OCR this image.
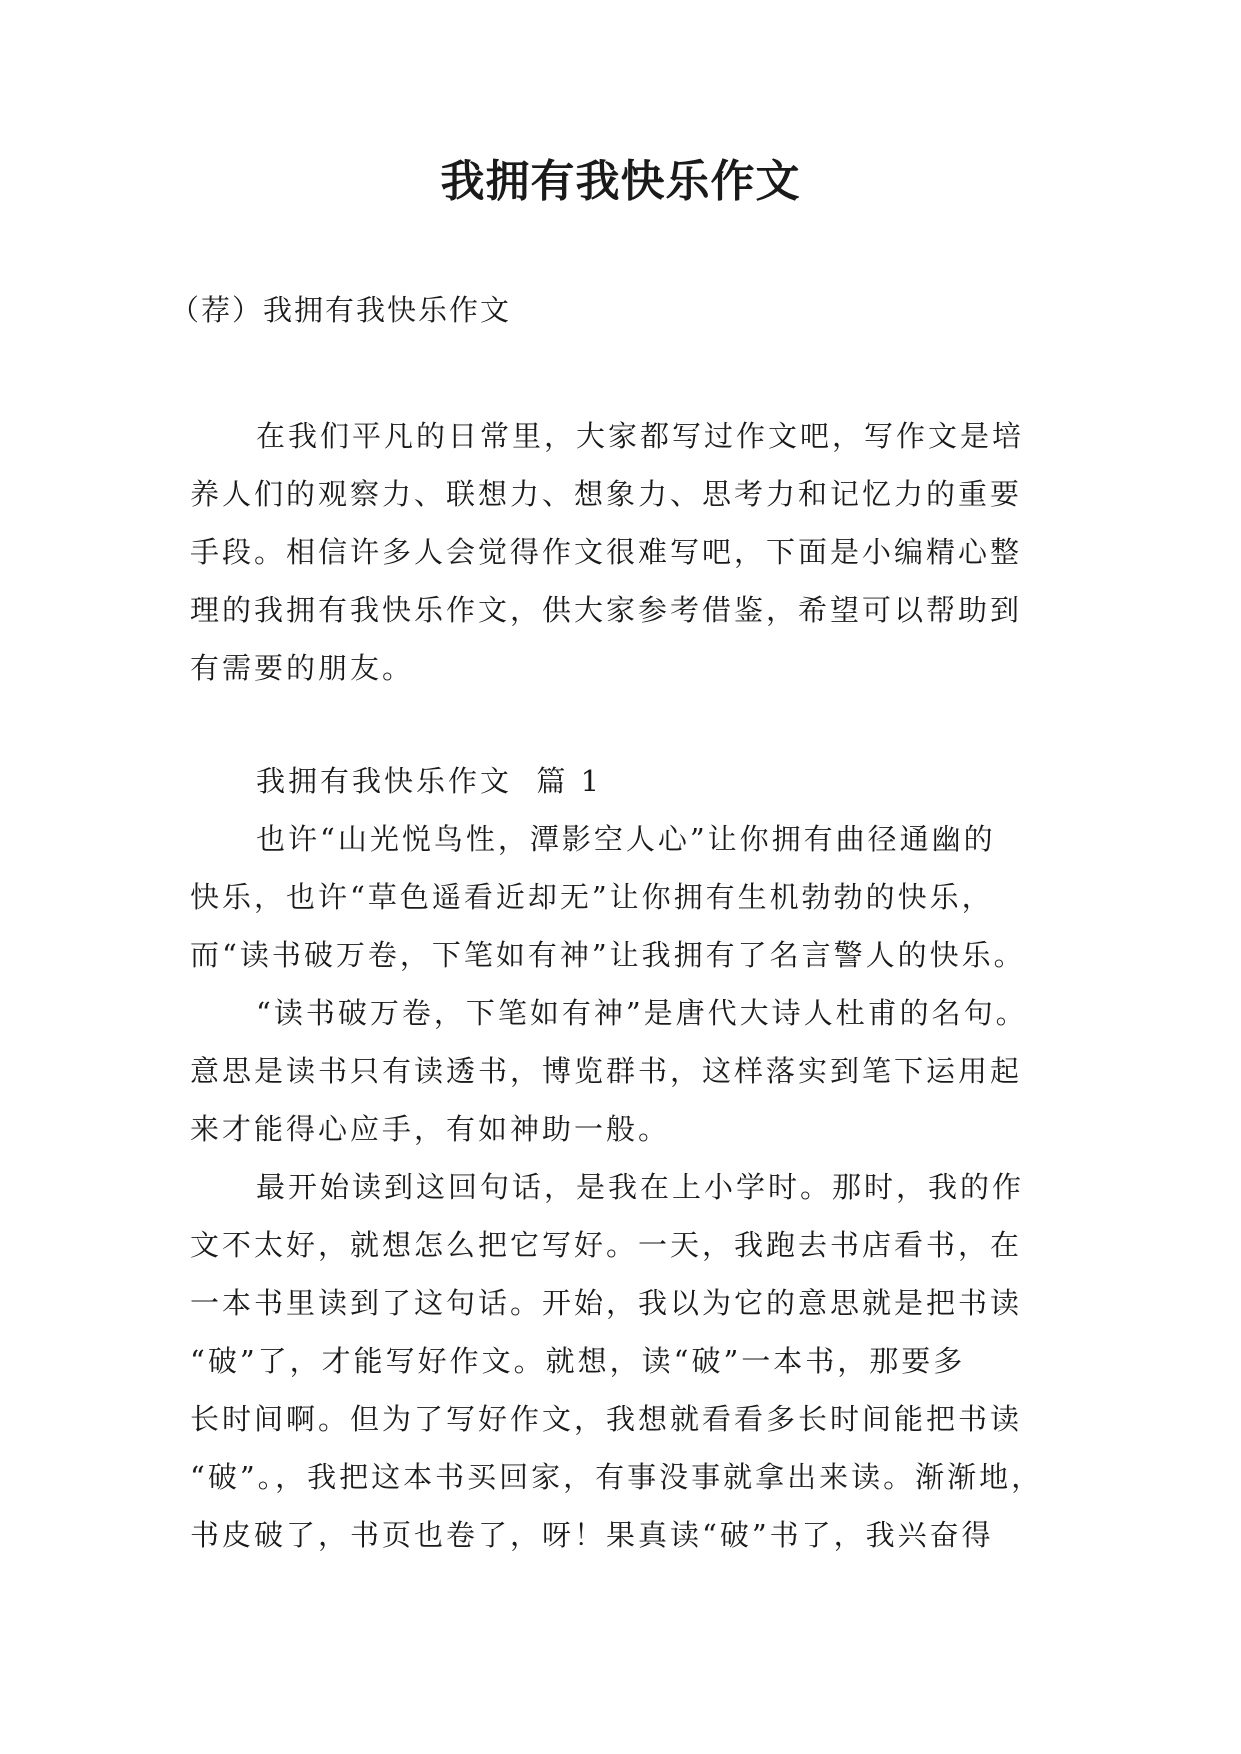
我拥有我快乐作文
（荐）我拥有我快乐作文
在我们平凡的日常里，大家都写过作文吧，写作文是培
养人们的观察力、联想力、想象力、思考力和记忆力的重要
手段。相信许多人会觉得作文很难写吧，下面是小编精心整
理的我拥有我快乐作文，供大家参考借鉴，希望可以帮助到
有需要的朋友。
我拥有我快乐作文  篇 1
也许“山光悦鸟性，潭影空人心”让你拥有曲径通幽的
快乐，也许“草色遥看近却无”让你拥有生机勃勃的快乐，
而“读书破万卷，下笔如有神”让我拥有了名言警人的快乐。
“读书破万卷，下笔如有神”是唐代大诗人杜甫的名句。
意思是读书只有读透书，博览群书，这样落实到笔下运用起
来才能得心应手，有如神助一般。
最开始读到这回句话，是我在上小学时。那时，我的作
文不太好，就想怎么把它写好。一天，我跑去书店看书，在
一本书里读到了这句话。开始，我以为它的意思就是把书读
“破”了，才能写好作文。就想，读“破”一本书，那要多
长时间啊。但为了写好作文，我想就看看多长时间能把书读
“破”。，我把这本书买回家，有事没事就拿出来读。渐渐地，
书皮破了，书页也卷了，呀！果真读“破”书了，我兴奋得
